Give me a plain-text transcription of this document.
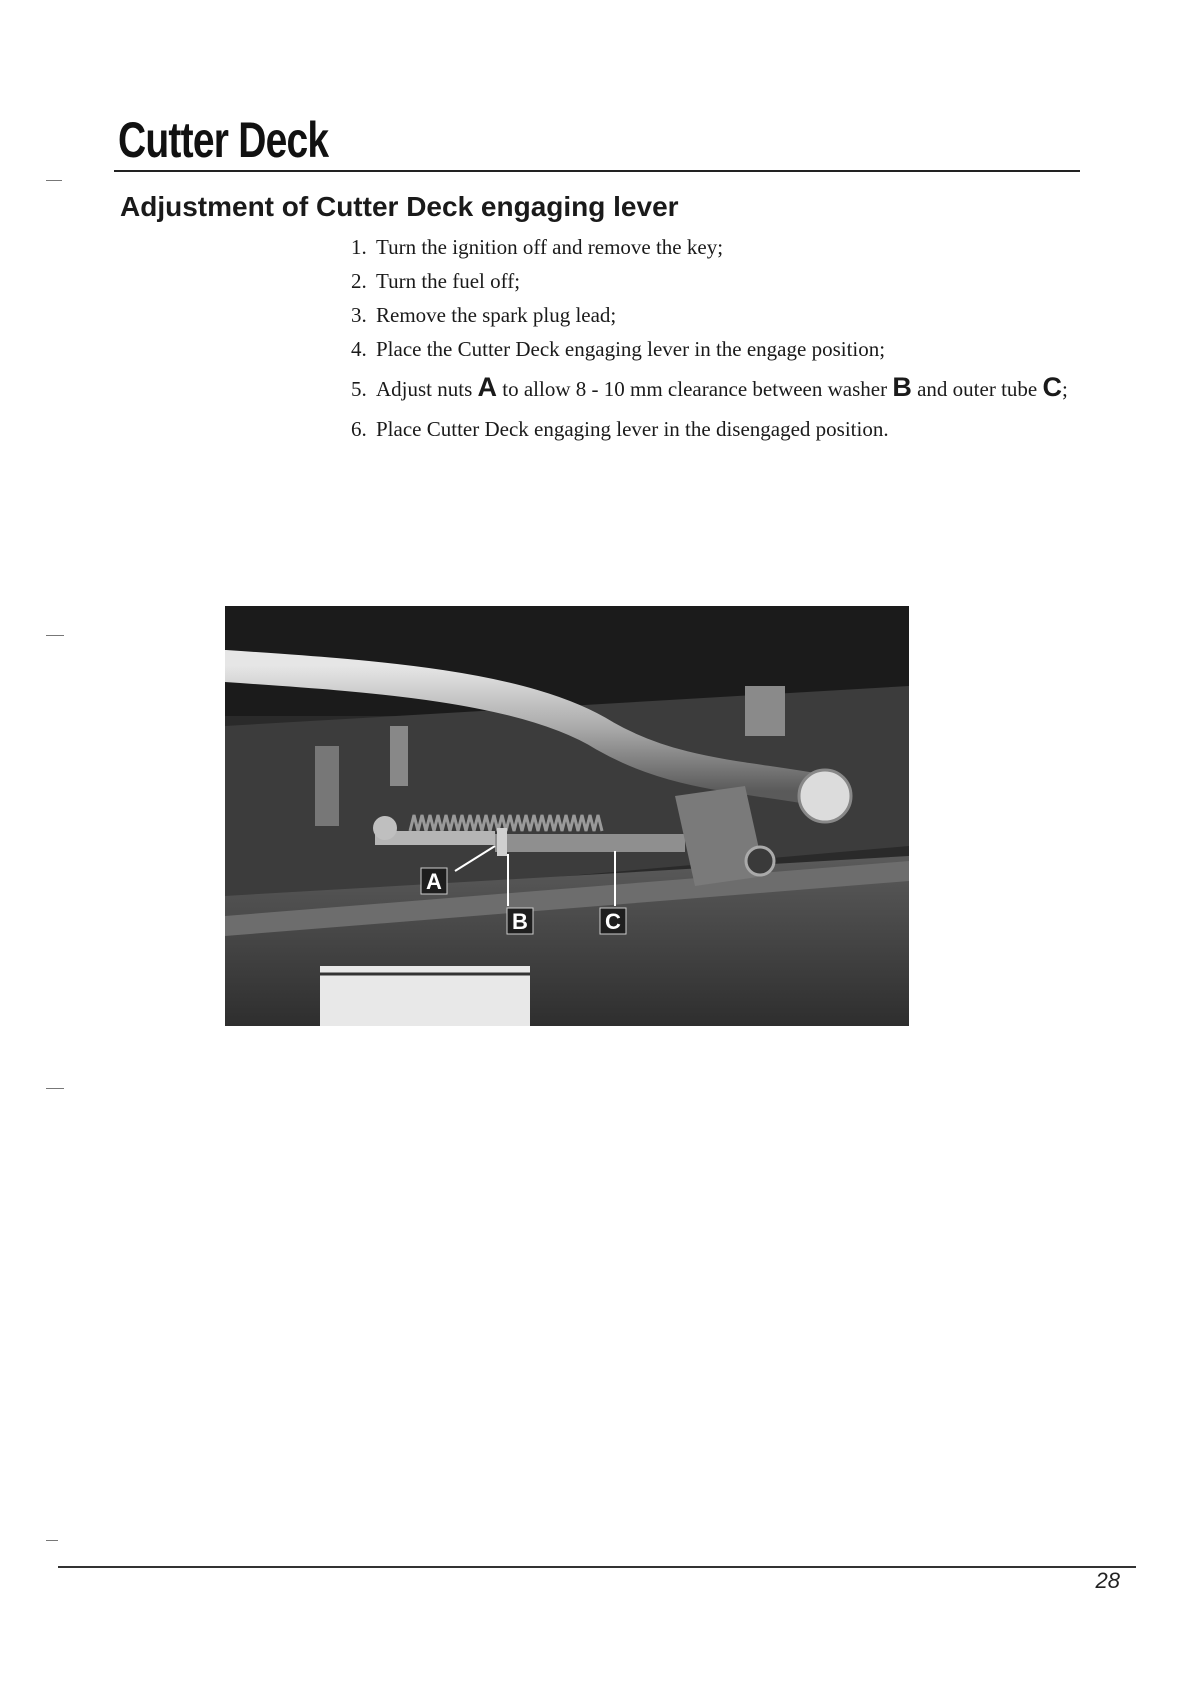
Cutter Deck
Adjustment of Cutter Deck engaging lever
1. Turn the ignition off and remove the key;
2. Turn the fuel off;
3. Remove the spark plug lead;
4. Place the Cutter Deck engaging lever in the engage position;
5. Adjust nuts A to allow 8 - 10 mm clearance between washer B and outer tube C;
6. Place Cutter Deck engaging lever in the disengaged position.
A
B	C
28
